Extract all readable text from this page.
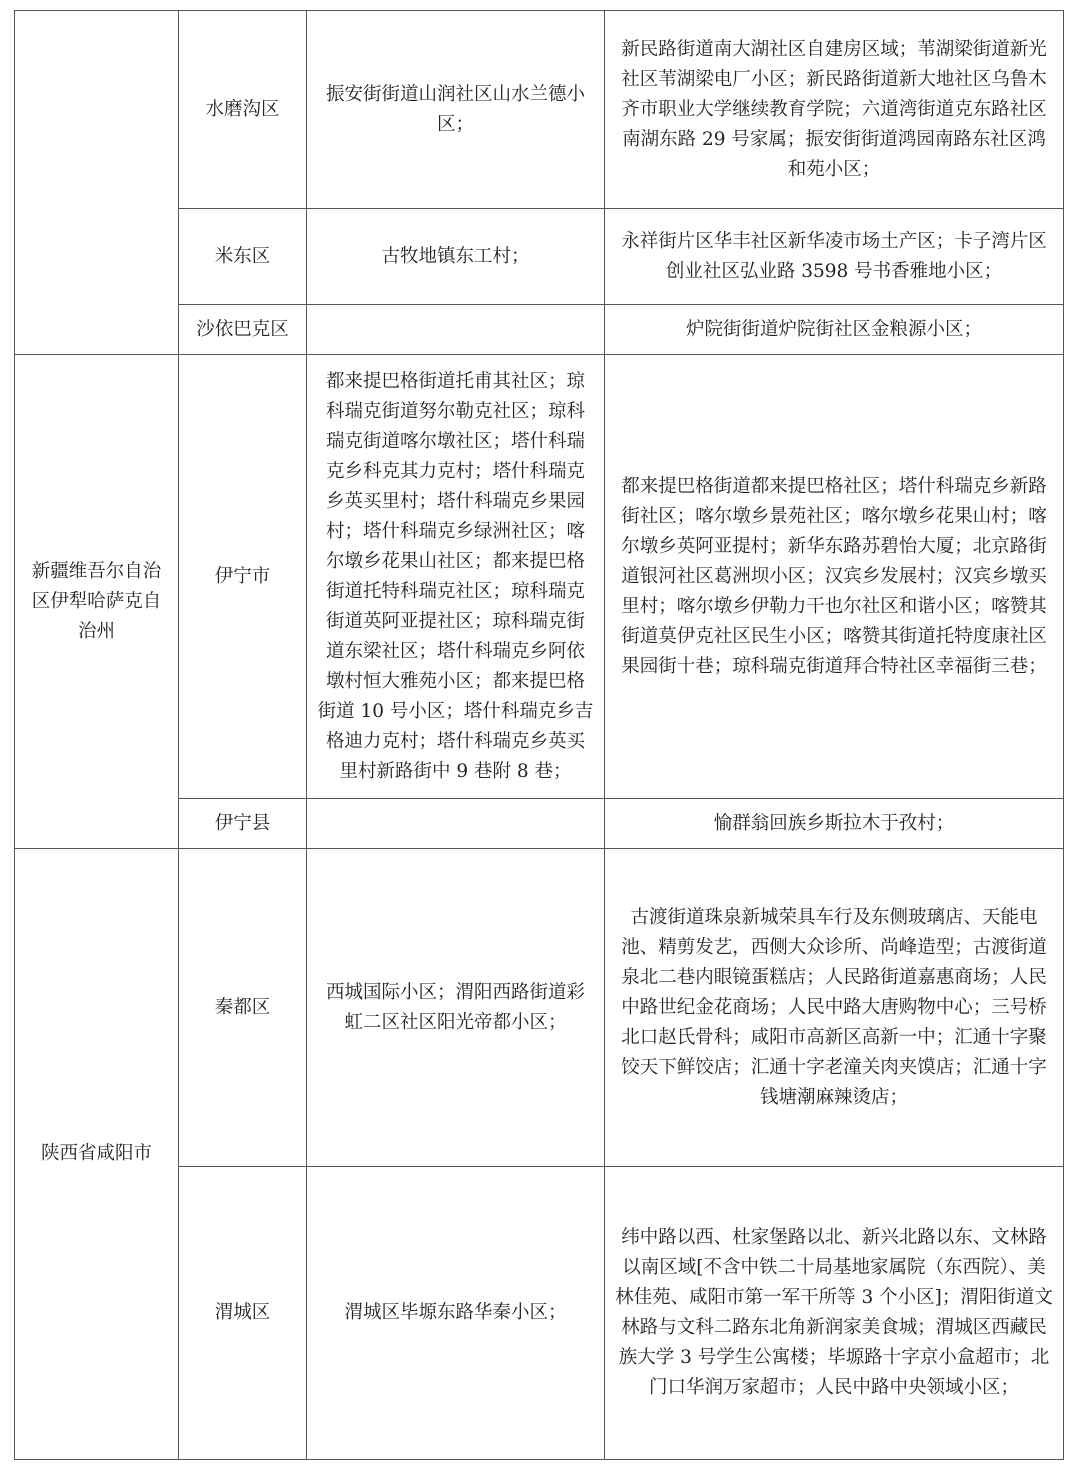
	水磨沟区	振安街街道山润社区山水兰德小区；	新民路街道南大湖社区自建房区域；苇湖梁街道新光社区苇湖梁电厂小区；新民路街道新大地社区乌鲁木齐市职业大学继续教育学院；六道湾街道克东路社区南湖东路 29 号家属；振安街街道鸿园南路东社区鸿和苑小区；
	米东区	古牧地镇东工村；	永祥街片区华丰社区新华凌市场土产区；卡子湾片区创业社区弘业路 3598 号书香雅地小区；
	沙依巴克区		炉院街街道炉院街社区金粮源小区；
新疆维吾尔自治区伊犁哈萨克自治州	伊宁市	都来提巴格街道托甫其社区；琼科瑞克街道努尔勒克社区；琼科瑞克街道喀尔墩社区；塔什科瑞克乡科克其力克村；塔什科瑞克乡英买里村；塔什科瑞克乡果园村；塔什科瑞克乡绿洲社区；喀尔墩乡花果山社区；都来提巴格街道托特科瑞克社区；琼科瑞克街道英阿亚提社区；琼科瑞克街道东梁社区；塔什科瑞克乡阿依墩村恒大雅苑小区；都来提巴格街道 10 号小区；塔什科瑞克乡吉格迪力克村；塔什科瑞克乡英买里村新路街中 9 巷附 8 巷；	都来提巴格街道都来提巴格社区；塔什科瑞克乡新路街社区；喀尔墩乡景苑社区；喀尔墩乡花果山村；喀尔墩乡英阿亚提村；新华东路苏碧怡大厦；北京路街道银河社区葛洲坝小区；汉宾乡发展村；汉宾乡墩买里村；喀尔墩乡伊勒力干也尔社区和谐小区；喀赞其街道莫伊克社区民生小区；喀赞其街道托特度康社区果园街十巷；琼科瑞克街道拜合特社区幸福街三巷；
	伊宁县		愉群翁回族乡斯拉木于孜村；
陕西省咸阳市	秦都区	西城国际小区；渭阳西路街道彩虹二区社区阳光帝都小区；	古渡街道珠泉新城荣具车行及东侧玻璃店、天能电池、精剪发艺，西侧大众诊所、尚峰造型；古渡街道泉北二巷内眼镜蛋糕店；人民路街道嘉惠商场；人民中路世纪金花商场；人民中路大唐购物中心；三号桥北口赵氏骨科；咸阳市高新区高新一中；汇通十字聚饺天下鲜饺店；汇通十字老潼关肉夹馍店；汇通十字钱塘潮麻辣烫店；
	渭城区	渭城区毕塬东路华秦小区；	纬中路以西、杜家堡路以北、新兴北路以东、文林路以南区域[不含中铁二十局基地家属院（东西院）、美林佳苑、咸阳市第一军干所等 3 个小区]；渭阳街道文林路与文科二路东北角新润家美食城；渭城区西藏民族大学 3 号学生公寓楼；毕塬路十字京小盒超市；北门口华润万家超市；人民中路中央领域小区；
